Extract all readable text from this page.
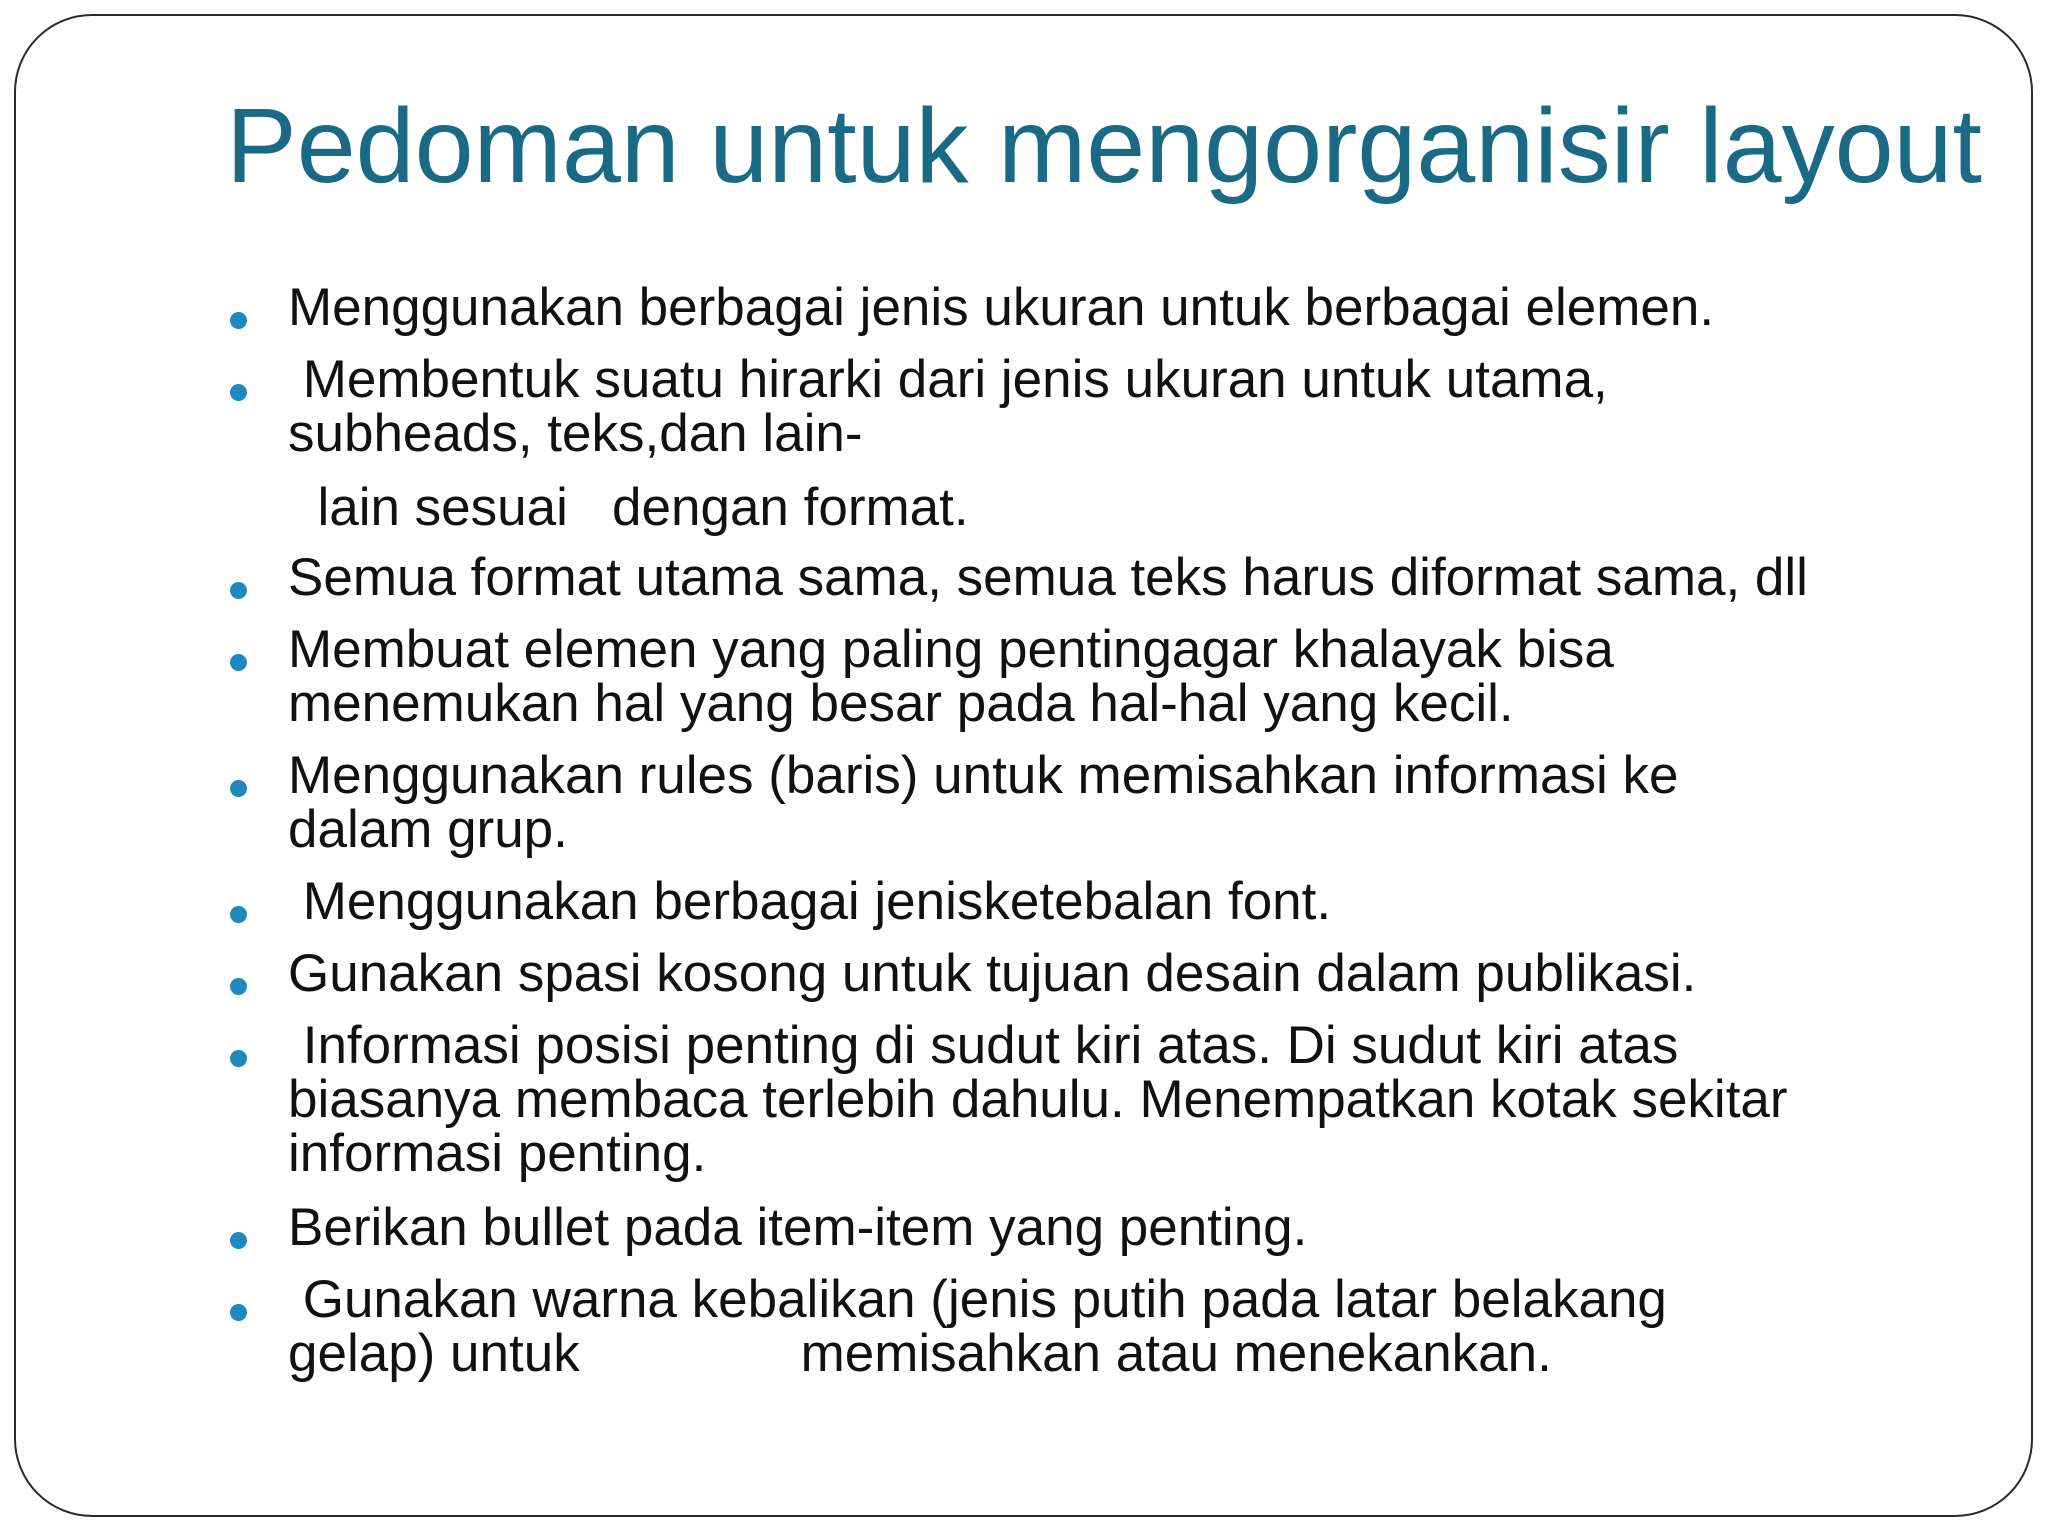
Pedoman untuk mengorganisir layout

Menggunakan berbagai jenis ukuran untuk berbagai elemen.

Membentuk suatu hirarki dari jenis ukuran untuk utama,

subheads, teks,dan lain-

lain sesuai   dengan format.

Semua format utama sama, semua teks harus diformat sama, dll

Membuat elemen yang paling pentingagar khalayak bisa

menemukan hal yang besar pada hal-hal yang kecil.

Menggunakan rules (baris) untuk memisahkan informasi ke

dalam grup.

Menggunakan berbagai jenisketebalan font.

Gunakan spasi kosong untuk tujuan desain dalam publikasi.

Informasi posisi penting di sudut kiri atas. Di sudut kiri atas

biasanya membaca terlebih dahulu. Menempatkan kotak sekitar

informasi penting.

Berikan bullet pada item-item yang penting.

Gunakan warna kebalikan (jenis putih pada latar belakang

gelap) untuk               memisahkan atau menekankan.
